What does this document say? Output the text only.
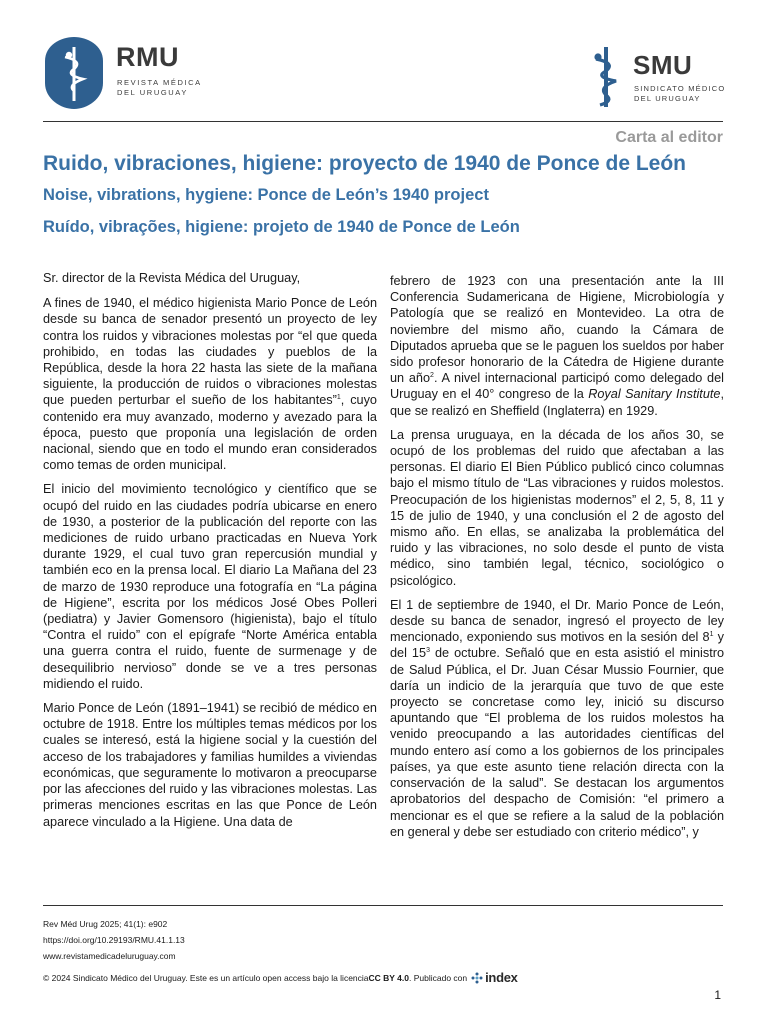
RMU
REVISTA MÉDICA
DEL URUGUAY
SMU
SINDICATO MÉDICO
DEL URUGUAY
Carta al editor
Ruido, vibraciones, higiene: proyecto de 1940 de Ponce de León
Noise, vibrations, hygiene: Ponce de León’s 1940 project
Ruído, vibrações, higiene: projeto de 1940 de Ponce de León

Sr. director de la Revista Médica del Uruguay,

A fines de 1940, el médico higienista Mario Ponce de León desde su banca de senador presentó un proyecto de ley contra los ruidos y vibraciones molestas por “el que queda prohibido, en todas las ciudades y pueblos de la República, desde la hora 22 hasta las siete de la mañana siguiente, la producción de ruidos o vibraciones molestas que pueden perturbar el sueño de los habitantes”$^1$, cuyo contenido era muy avanzado, moderno y avezado para la época, puesto que proponía una legislación de orden nacional, siendo que en todo el mundo eran considerados como temas de orden municipal.

El inicio del movimiento tecnológico y científico que se ocupó del ruido en las ciudades podría ubicarse en enero de 1930, a posterior de la publicación del reporte con las mediciones de ruido urbano practicadas en Nueva York durante 1929, el cual tuvo gran repercusión mundial y también eco en la prensa local. El diario La Mañana del 23 de marzo de 1930 reproduce una fotografía en “La página de Higiene”, escrita por los médicos José Obes Polleri (pediatra) y Javier Gomensoro (higienista), bajo el título “Contra el ruido” con el epígrafe “Norte América entabla una guerra contra el ruido, fuente de surmenage y de desequilibrio nervioso” donde se ve a tres personas midiendo el ruido.

Mario Ponce de León (1891–1941) se recibió de médico en octubre de 1918. Entre los múltiples temas médicos por los cuales se interesó, está la higiene social y la cuestión del acceso de los trabajadores y familias humildes a viviendas económicas, que seguramente lo motivaron a preocuparse por las afecciones del ruido y las vibraciones molestas. Las primeras menciones escritas en las que Ponce de León aparece vinculado a la Higiene. Una data de

febrero de 1923 con una presentación ante la III Conferencia Sudamericana de Higiene, Microbiología y Patología que se realizó en Montevideo. La otra de noviembre del mismo año, cuando la Cámara de Diputados aprueba que se le paguen los sueldos por haber sido profesor honorario de la Cátedra de Higiene durante un año$^2$. A nivel internacional participó como delegado del Uruguay en el 40° congreso de la Royal Sanitary Institute, que se realizó en Sheffield (Inglaterra) en 1929.

La prensa uruguaya, en la década de los años 30, se ocupó de los problemas del ruido que afectaban a las personas. El diario El Bien Público publicó cinco columnas bajo el mismo título de “Las vibraciones y ruidos molestos. Preocupación de los higienistas modernos” el 2, 5, 8, 11 y 15 de julio de 1940, y una conclusión el 2 de agosto del mismo año. En ellas, se analizaba la problemática del ruido y las vibraciones, no solo desde el punto de vista médico, sino también legal, técnico, sociológico o psicológico.

El 1 de septiembre de 1940, el Dr. Mario Ponce de León, desde su banca de senador, ingresó el proyecto de ley mencionado, exponiendo sus motivos en la sesión del $8^1$ y del $15^3$ de octubre. Señaló que en esta asistió el ministro de Salud Pública, el Dr. Juan César Mussio Fournier, que daría un indicio de la jerarquía que tuvo de que este proyecto se concretase como ley, inició su discurso apuntando que “El problema de los ruidos molestos ha venido preocupando a las autoridades científicas del mundo entero así como a los gobiernos de los principales países, ya que este asunto tiene relación directa con la conservación de la salud”. Se destacan los argumentos aprobatorios del despacho de Comisión: “el primero a mencionar es el que se refiere a la salud de la población en general y debe ser estudiado con criterio médico”, y

Rev Méd Urug 2025; 41(1): e902
https://doi.org/10.29193/RMU.41.1.13
www.revistamedicadeluruguay.com
© 2024 Sindicato Médico del Uruguay. Este es un artículo open access bajo la licencia CC BY 4.0 . Publicado con index
1
